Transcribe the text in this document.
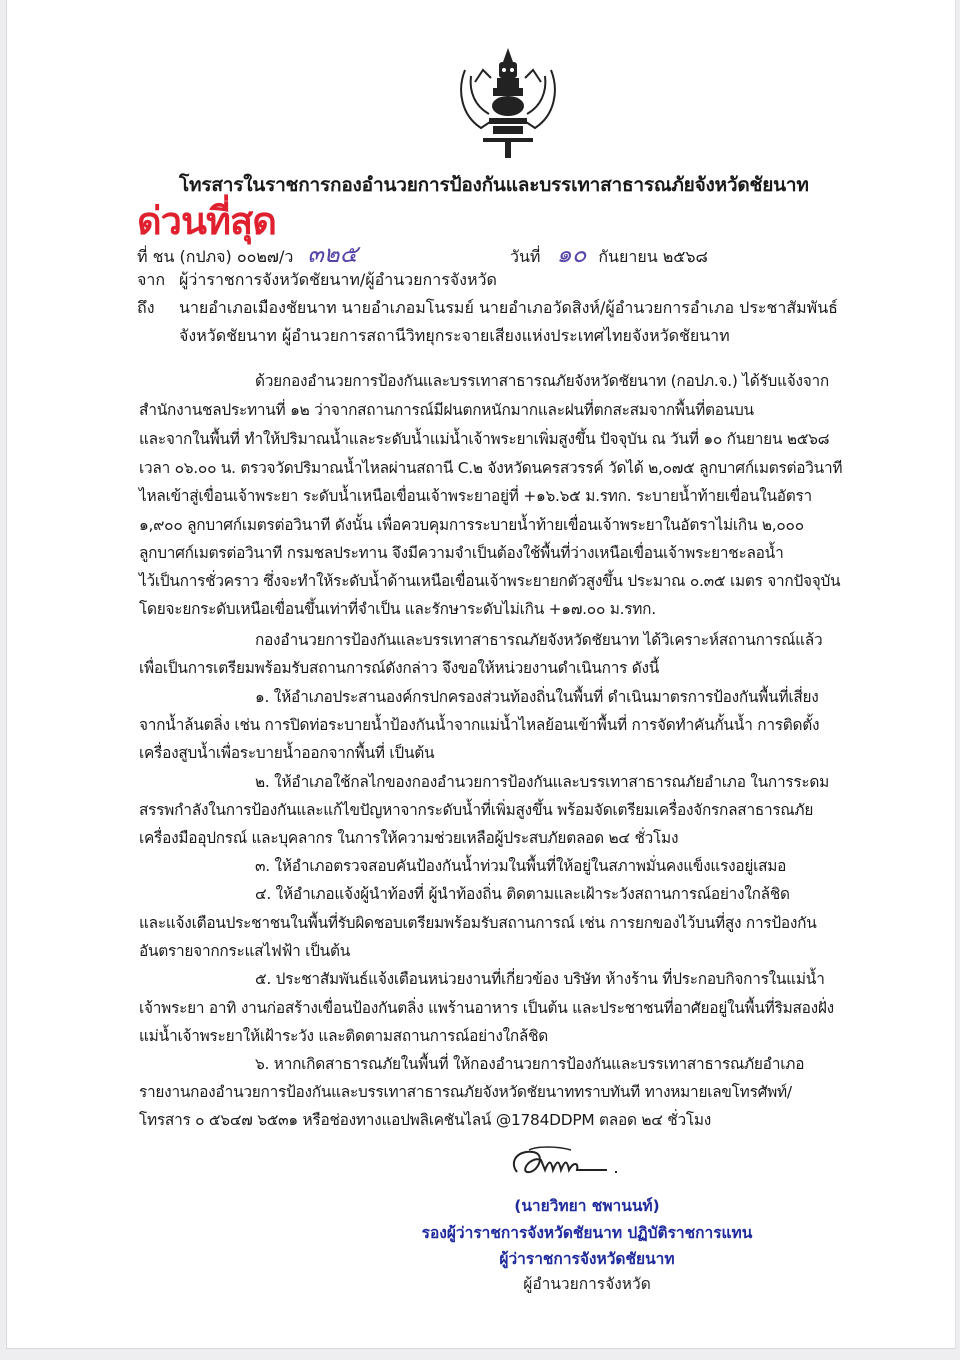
โทรสารในราชการกองอำนวยการป้องกันและบรรเทาสาธารณภัยจังหวัดชัยนาท
ด่วนที่สุด
ที่ ชน (กปภจ) ๐๐๒๗/ว ๓๒๕	วันที่ ๑๐ กันยายน ๒๕๖๘
จาก ผู้ว่าราชการจังหวัดชัยนาท/ผู้อำนวยการจังหวัด
ถึง นายอำเภอเมืองชัยนาท นายอำเภอมโนรมย์ นายอำเภอวัดสิงห์/ผู้อำนวยการอำเภอ ประชาสัมพันธ์
จังหวัดชัยนาท ผู้อำนวยการสถานีวิทยุกระจายเสียงแห่งประเทศไทยจังหวัดชัยนาท
ด้วยกองอำนวยการป้องกันและบรรเทาสาธารณภัยจังหวัดชัยนาท (กอปภ.จ.) ได้รับแจ้งจาก
สำนักงานชลประทานที่ ๑๒ ว่าจากสถานการณ์มีฝนตกหนักมากและฝนที่ตกสะสมจากพื้นที่ตอนบน
และจากในพื้นที่ ทำให้ปริมาณน้ำและระดับน้ำแม่น้ำเจ้าพระยาเพิ่มสูงขึ้น ปัจจุบัน ณ วันที่ ๑๐ กันยายน ๒๕๖๘
เวลา ๐๖.๐๐ น. ตรวจวัดปริมาณน้ำไหลผ่านสถานี C.๒ จังหวัดนครสวรรค์ วัดได้ ๒,๐๗๕ ลูกบาศก์เมตรต่อวินาที
ไหลเข้าสู่เขื่อนเจ้าพระยา ระดับน้ำเหนือเขื่อนเจ้าพระยาอยู่ที่ +๑๖.๖๕ ม.รทก. ระบายน้ำท้ายเขื่อนในอัตรา
๑,๙๐๐ ลูกบาศก์เมตรต่อวินาที ดังนั้น เพื่อควบคุมการระบายน้ำท้ายเขื่อนเจ้าพระยาในอัตราไม่เกิน ๒,๐๐๐
ลูกบาศก์เมตรต่อวินาที กรมชลประทาน จึงมีความจำเป็นต้องใช้พื้นที่ว่างเหนือเขื่อนเจ้าพระยาชะลอน้ำ
ไว้เป็นการชั่วคราว ซึ่งจะทำให้ระดับน้ำด้านเหนือเขื่อนเจ้าพระยายกตัวสูงขึ้น ประมาณ ๐.๓๕ เมตร จากปัจจุบัน
โดยจะยกระดับเหนือเขื่อนขึ้นเท่าที่จำเป็น และรักษาระดับไม่เกิน +๑๗.๐๐ ม.รทก.
กองอำนวยการป้องกันและบรรเทาสาธารณภัยจังหวัดชัยนาท ได้วิเคราะห์สถานการณ์แล้ว
เพื่อเป็นการเตรียมพร้อมรับสถานการณ์ดังกล่าว จึงขอให้หน่วยงานดำเนินการ ดังนี้
๑. ให้อำเภอประสานองค์กรปกครองส่วนท้องถิ่นในพื้นที่ ดำเนินมาตรการป้องกันพื้นที่เสี่ยง
จากน้ำล้นตลิ่ง เช่น การปิดท่อระบายน้ำป้องกันน้ำจากแม่น้ำไหลย้อนเข้าพื้นที่ การจัดทำคันกั้นน้ำ การติดตั้ง
เครื่องสูบน้ำเพื่อระบายน้ำออกจากพื้นที่ เป็นต้น
๒. ให้อำเภอใช้กลไกของกองอำนวยการป้องกันและบรรเทาสาธารณภัยอำเภอ ในการระดม
สรรพกำลังในการป้องกันและแก้ไขปัญหาจากระดับน้ำที่เพิ่มสูงขึ้น พร้อมจัดเตรียมเครื่องจักรกลสาธารณภัย
เครื่องมืออุปกรณ์ และบุคลากร ในการให้ความช่วยเหลือผู้ประสบภัยตลอด ๒๔ ชั่วโมง
๓. ให้อำเภอตรวจสอบคันป้องกันน้ำท่วมในพื้นที่ให้อยู่ในสภาพมั่นคงแข็งแรงอยู่เสมอ
๔. ให้อำเภอแจ้งผู้นำท้องที่ ผู้นำท้องถิ่น ติดตามและเฝ้าระวังสถานการณ์อย่างใกล้ชิด
และแจ้งเตือนประชาชนในพื้นที่รับผิดชอบเตรียมพร้อมรับสถานการณ์ เช่น การยกของไว้บนที่สูง การป้องกัน
อันตรายจากกระแสไฟฟ้า เป็นต้น
๕. ประชาสัมพันธ์แจ้งเตือนหน่วยงานที่เกี่ยวข้อง บริษัท ห้างร้าน ที่ประกอบกิจการในแม่น้ำ
เจ้าพระยา อาทิ งานก่อสร้างเขื่อนป้องกันตลิ่ง แพร้านอาหาร เป็นต้น และประชาชนที่อาศัยอยู่ในพื้นที่ริมสองฝั่ง
แม่น้ำเจ้าพระยาให้เฝ้าระวัง และติดตามสถานการณ์อย่างใกล้ชิด
๖. หากเกิดสาธารณภัยในพื้นที่ ให้กองอำนวยการป้องกันและบรรเทาสาธารณภัยอำเภอ
รายงานกองอำนวยการป้องกันและบรรเทาสาธารณภัยจังหวัดชัยนาททราบทันที ทางหมายเลขโทรศัพท์/
โทรสาร ๐ ๕๖๔๗ ๖๕๓๑ หรือช่องทางแอปพลิเคชันไลน์ @1784DDPM ตลอด ๒๔ ชั่วโมง
(นายวิทยา ชพานนท์)
รองผู้ว่าราชการจังหวัดชัยนาท ปฏิบัติราชการแทน
ผู้ว่าราชการจังหวัดชัยนาท
ผู้อำนวยการจังหวัด
